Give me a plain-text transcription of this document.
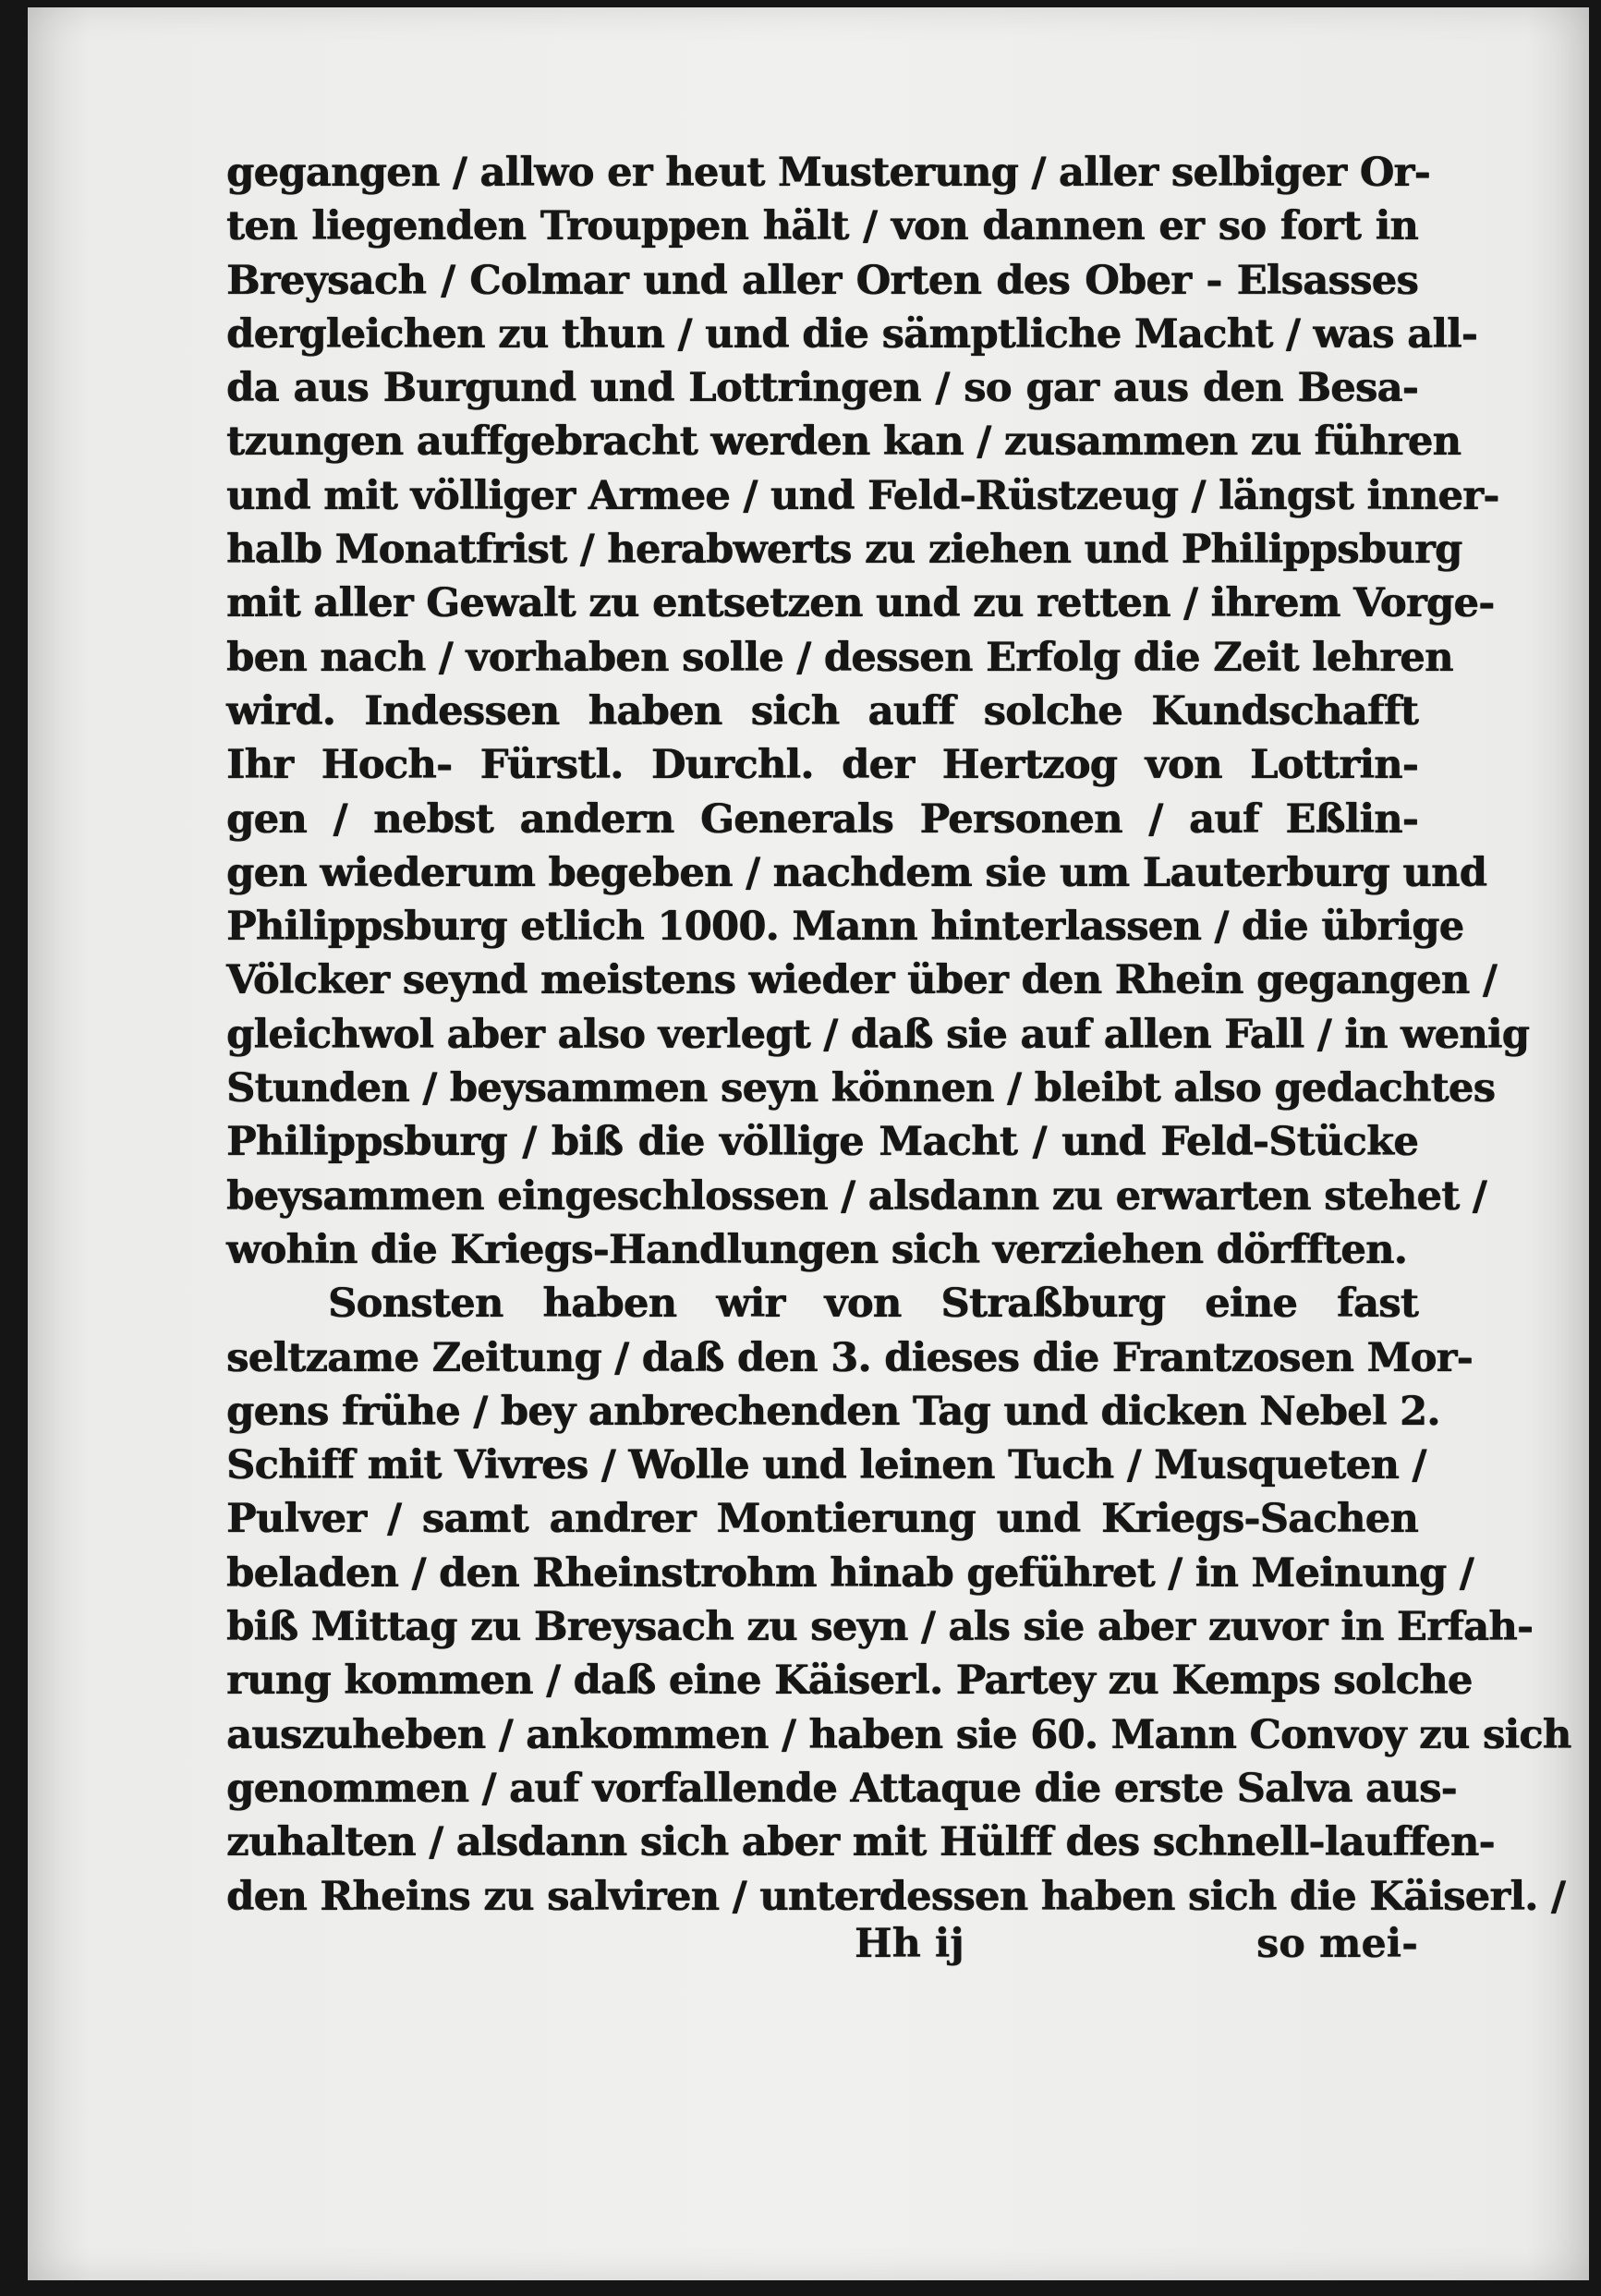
gegangen / allwo er heut Musterung / aller selbiger Or-
ten liegenden Trouppen hält / von dannen er so fort in
Breysach / Colmar und aller Orten des Ober - Elsasses
dergleichen zu thun / und die sämptliche Macht / was all-
da aus Burgund und Lottringen / so gar aus den Besa-
tzungen auffgebracht werden kan / zusammen zu führen
und mit völliger Armee / und Feld-Rüstzeug / längst inner-
halb Monatfrist / herabwerts zu ziehen und Philippsburg
mit aller Gewalt zu entsetzen und zu retten / ihrem Vorge-
ben nach / vorhaben solle / dessen Erfolg die Zeit lehren
wird. Indessen haben sich auff solche Kundschafft
Ihr Hoch- Fürstl. Durchl. der Hertzog von Lottrin-
gen / nebst andern Generals Personen / auf Eßlin-
gen wiederum begeben / nachdem sie um Lauterburg und
Philippsburg etlich 1000. Mann hinterlassen / die übrige
Völcker seynd meistens wieder über den Rhein gegangen /
gleichwol aber also verlegt / daß sie auf allen Fall / in wenig
Stunden / beysammen seyn können / bleibt also gedachtes
Philippsburg / biß die völlige Macht / und Feld-Stücke
beysammen eingeschlossen / alsdann zu erwarten stehet /
wohin die Kriegs-Handlungen sich verziehen dörfften.
Sonsten haben wir von Straßburg eine fast
seltzame Zeitung / daß den 3. dieses die Frantzosen Mor-
gens frühe / bey anbrechenden Tag und dicken Nebel 2.
Schiff mit Vivres / Wolle und leinen Tuch / Musqueten /
Pulver / samt andrer Montierung und Kriegs-Sachen
beladen / den Rheinstrohm hinab geführet / in Meinung /
biß Mittag zu Breysach zu seyn / als sie aber zuvor in Erfah-
rung kommen / daß eine Käiserl. Partey zu Kemps solche
auszuheben / ankommen / haben sie 60. Mann Convoy zu sich
genommen / auf vorfallende Attaque die erste Salva aus-
zuhalten / alsdann sich aber mit Hülff des schnell-lauffen-
den Rheins zu salviren / unterdessen haben sich die Käiserl. /
Hh ij	so mei-
